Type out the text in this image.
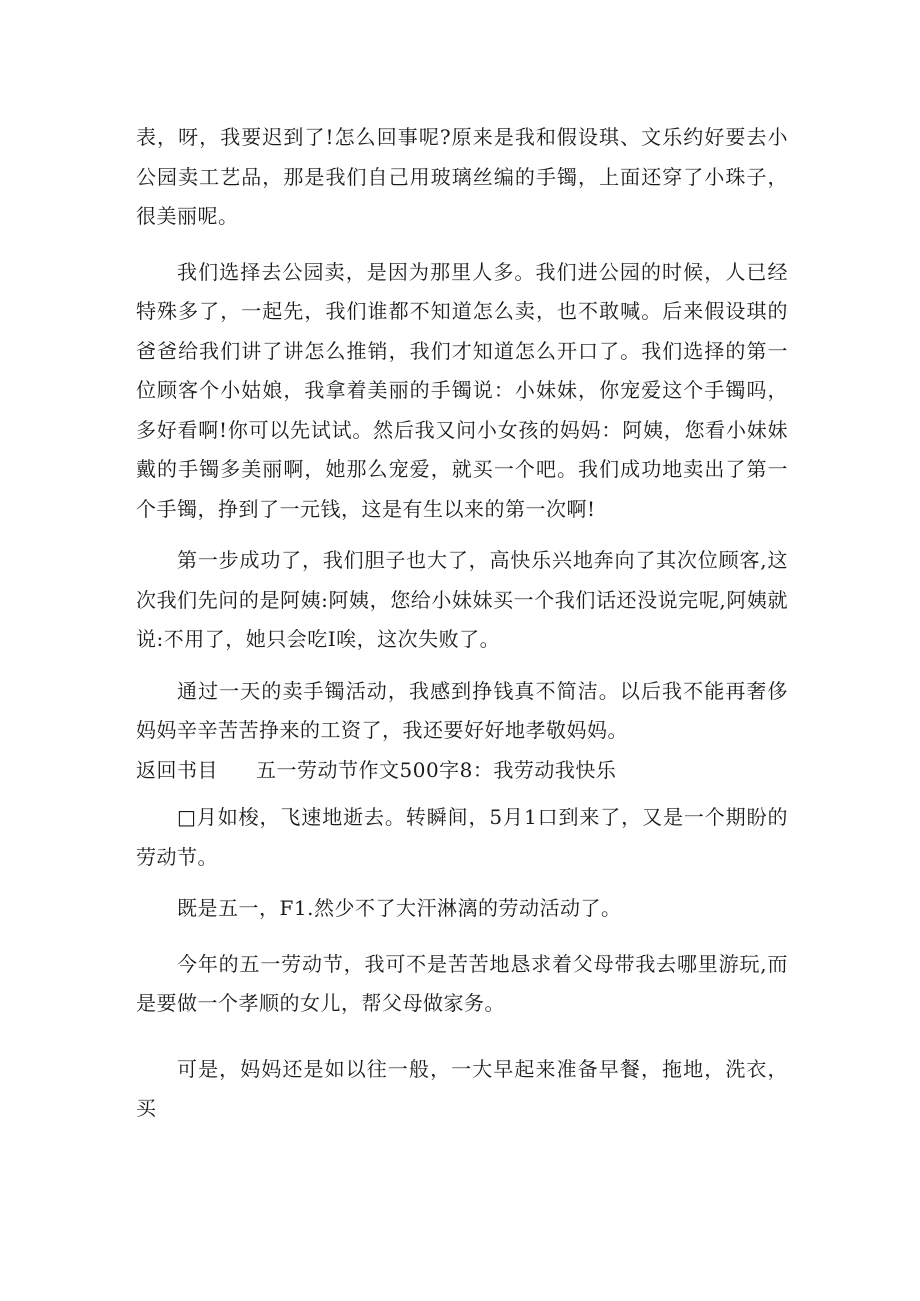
表，呀，我要迟到了!怎么回事呢?原来是我和假设琪、文乐约好要去小公园卖工艺品，那是我们自己用玻璃丝编的手镯，上面还穿了小珠子，很美丽呢。

我们选择去公园卖，是因为那里人多。我们进公园的时候，人已经特殊多了，一起先，我们谁都不知道怎么卖，也不敢喊。后来假设琪的爸爸给我们讲了讲怎么推销，我们才知道怎么开口了。我们选择的第一位顾客个小姑娘，我拿着美丽的手镯说：小妹妹，你宠爱这个手镯吗，多好看啊!你可以先试试。然后我又问小女孩的妈妈：阿姨，您看小妹妹戴的手镯多美丽啊，她那么宠爱，就买一个吧。我们成功地卖出了第一个手镯，挣到了一元钱，这是有生以来的第一次啊!

第一步成功了，我们胆子也大了，高快乐兴地奔向了其次位顾客,这次我们先问的是阿姨:阿姨，您给小妹妹买一个我们话还没说完呢,阿姨就说:不用了，她只会吃I唉，这次失败了。

通过一天的卖手镯活动，我感到挣钱真不简洁。以后我不能再奢侈妈妈辛辛苦苦挣来的工资了，我还要好好地孝敬妈妈。

返回书目 五一劳动节作文500字8：我劳动我快乐

□月如梭，飞速地逝去。转瞬间，5月1口到来了，又是一个期盼的劳动节。

既是五一，F1.然少不了大汗淋漓的劳动活动了。

今年的五一劳动节，我可不是苦苦地恳求着父母带我去哪里游玩,而是要做一个孝顺的女儿，帮父母做家务。

可是，妈妈还是如以往一般，一大早起来准备早餐，拖地，洗衣，买
